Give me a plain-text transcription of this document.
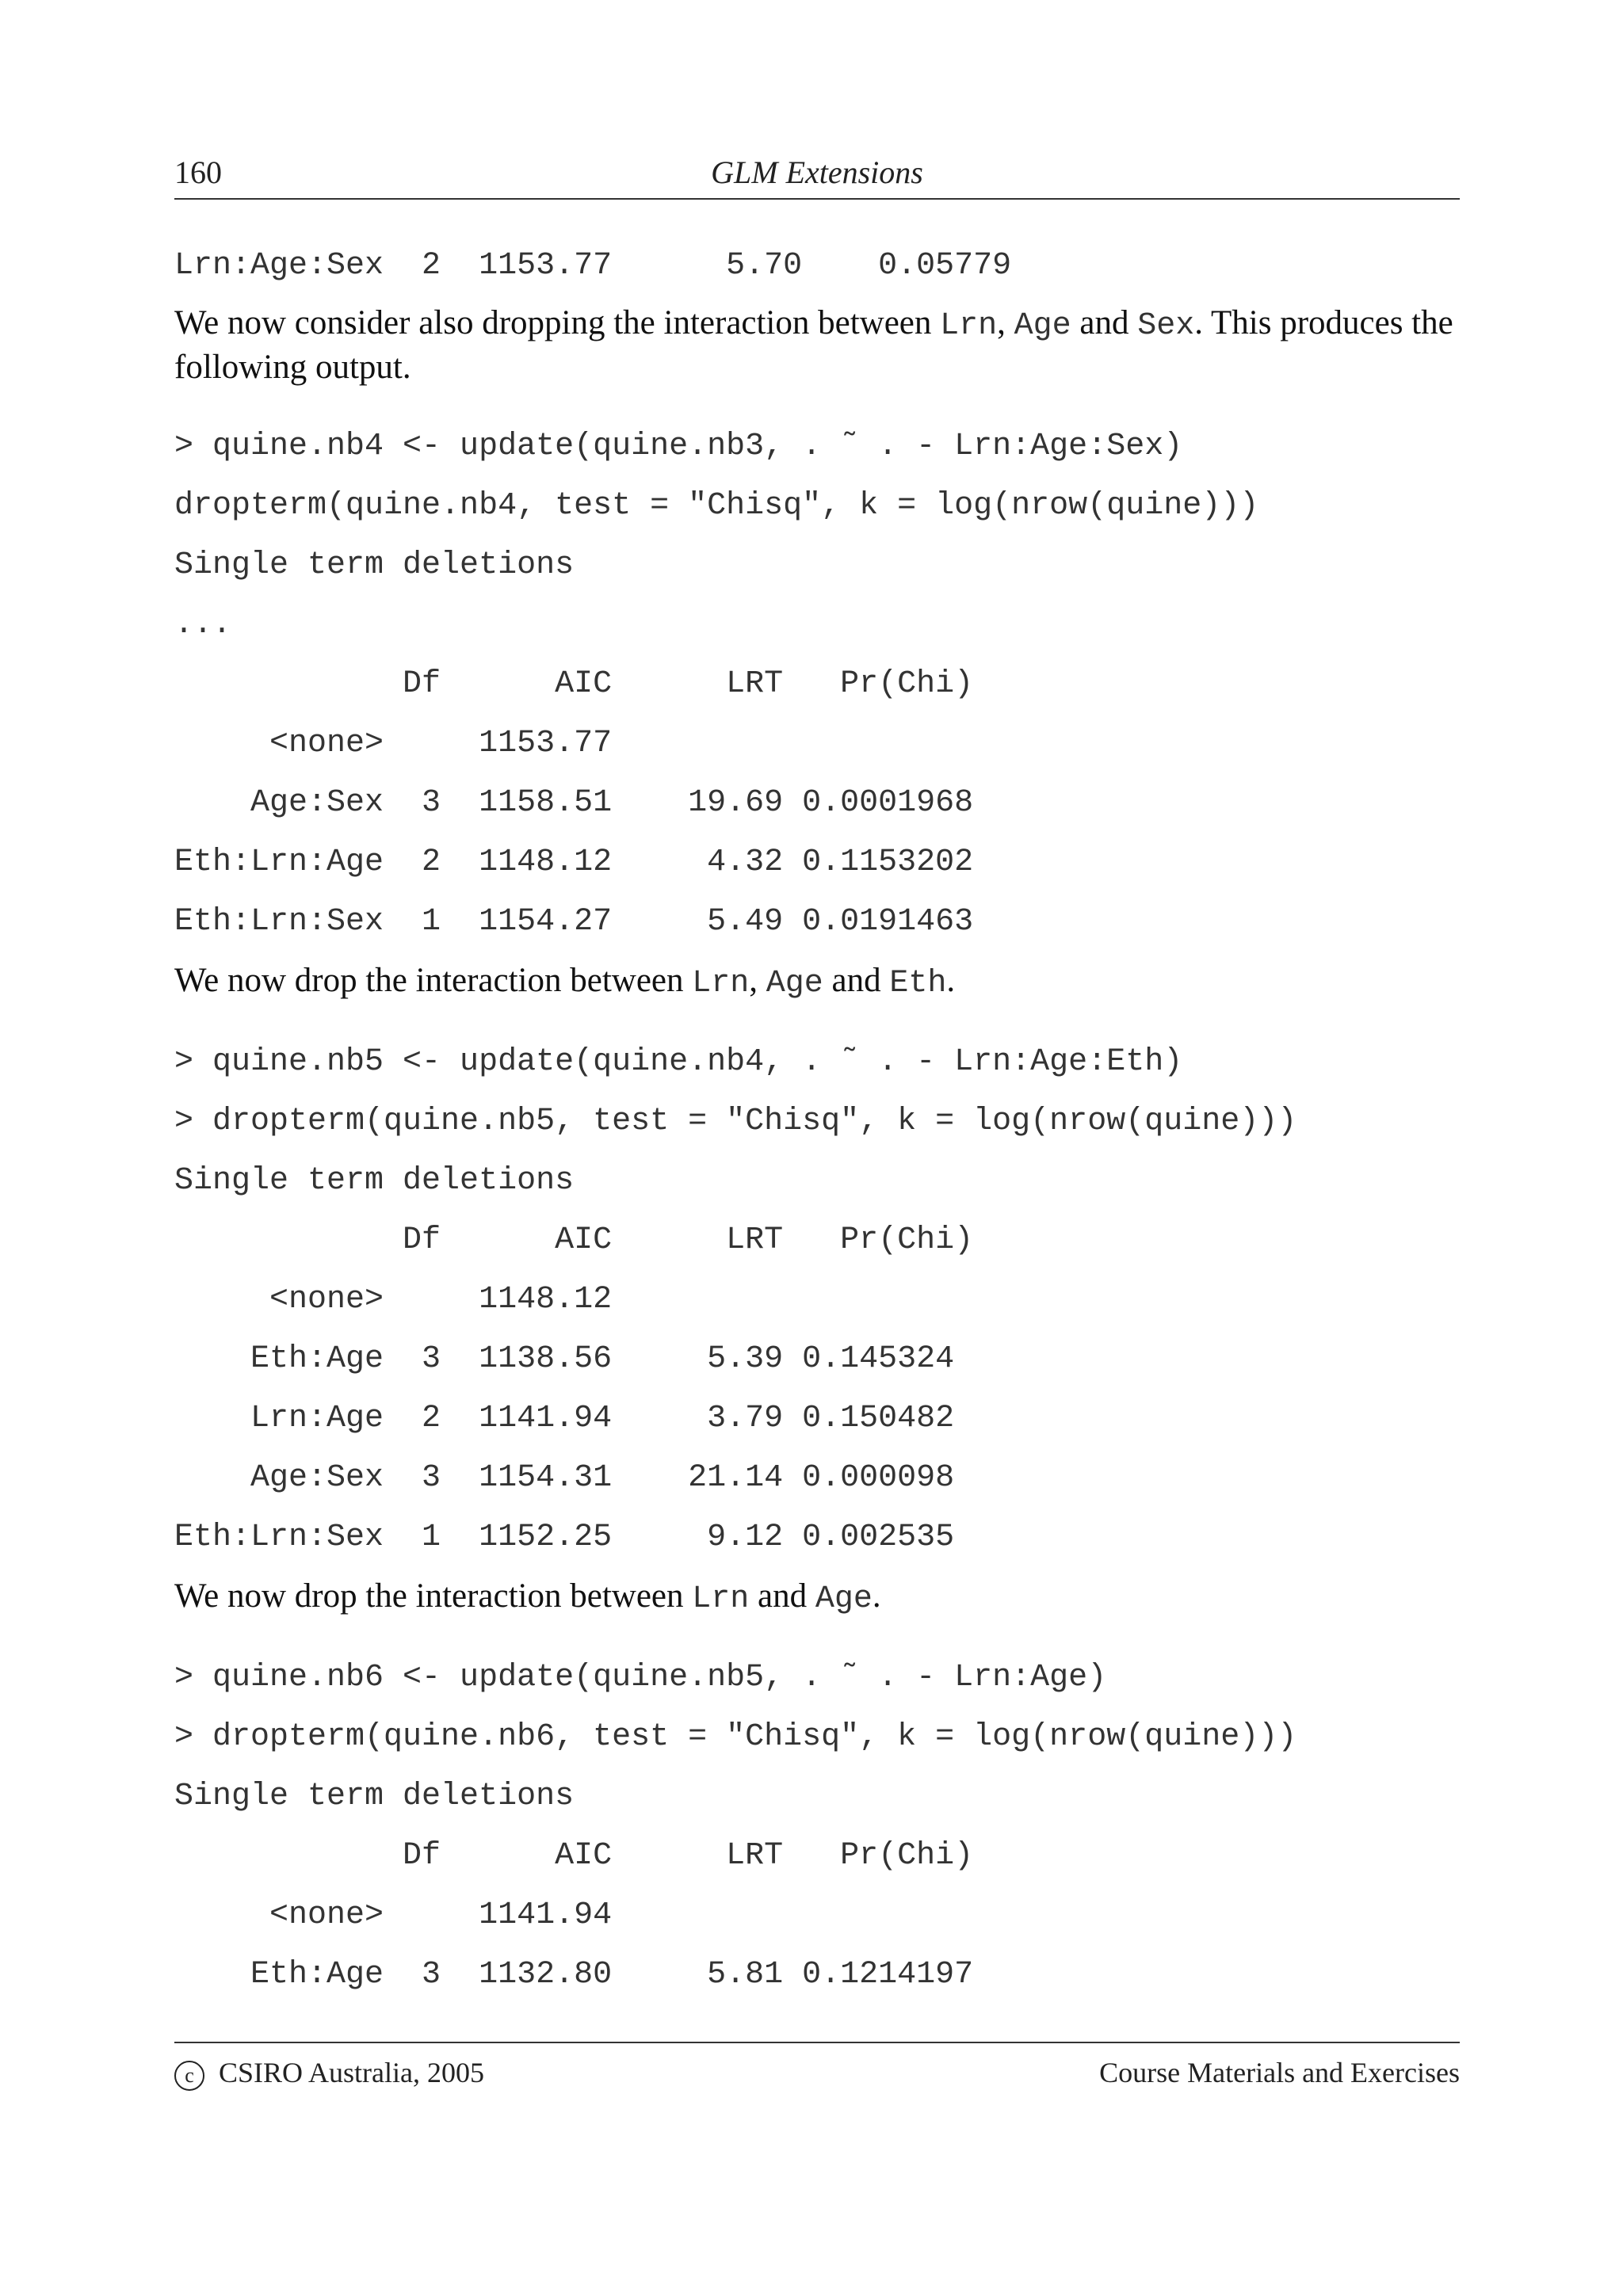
160	GLM Extensions
Lrn:Age:Sex  2  1153.77      5.70    0.05779
We now consider also dropping the interaction between Lrn, Age and Sex. This produces the following output.
> quine.nb4 <- update(quine.nb3, . ˜ . - Lrn:Age:Sex)
dropterm(quine.nb4, test = "Chisq", k = log(nrow(quine)))
Single term deletions
...
Df      AIC      LRT   Pr(Chi)
<none>     1153.77
Age:Sex  3  1158.51    19.69 0.0001968
Eth:Lrn:Age  2  1148.12     4.32 0.1153202
Eth:Lrn:Sex  1  1154.27     5.49 0.0191463
We now drop the interaction between Lrn, Age and Eth.
> quine.nb5 <- update(quine.nb4, . ˜ . - Lrn:Age:Eth)
> dropterm(quine.nb5, test = "Chisq", k = log(nrow(quine)))
Single term deletions
Df      AIC      LRT   Pr(Chi)
<none>     1148.12
Eth:Age  3  1138.56     5.39 0.145324
Lrn:Age  2  1141.94     3.79 0.150482
Age:Sex  3  1154.31    21.14 0.000098
Eth:Lrn:Sex  1  1152.25     9.12 0.002535
We now drop the interaction between Lrn and Age.
> quine.nb6 <- update(quine.nb5, . ˜ . - Lrn:Age)
> dropterm(quine.nb6, test = "Chisq", k = log(nrow(quine)))
Single term deletions
Df      AIC      LRT   Pr(Chi)
<none>     1141.94
Eth:Age  3  1132.80     5.81 0.1214197
c CSIRO Australia, 2005	Course Materials and Exercises
